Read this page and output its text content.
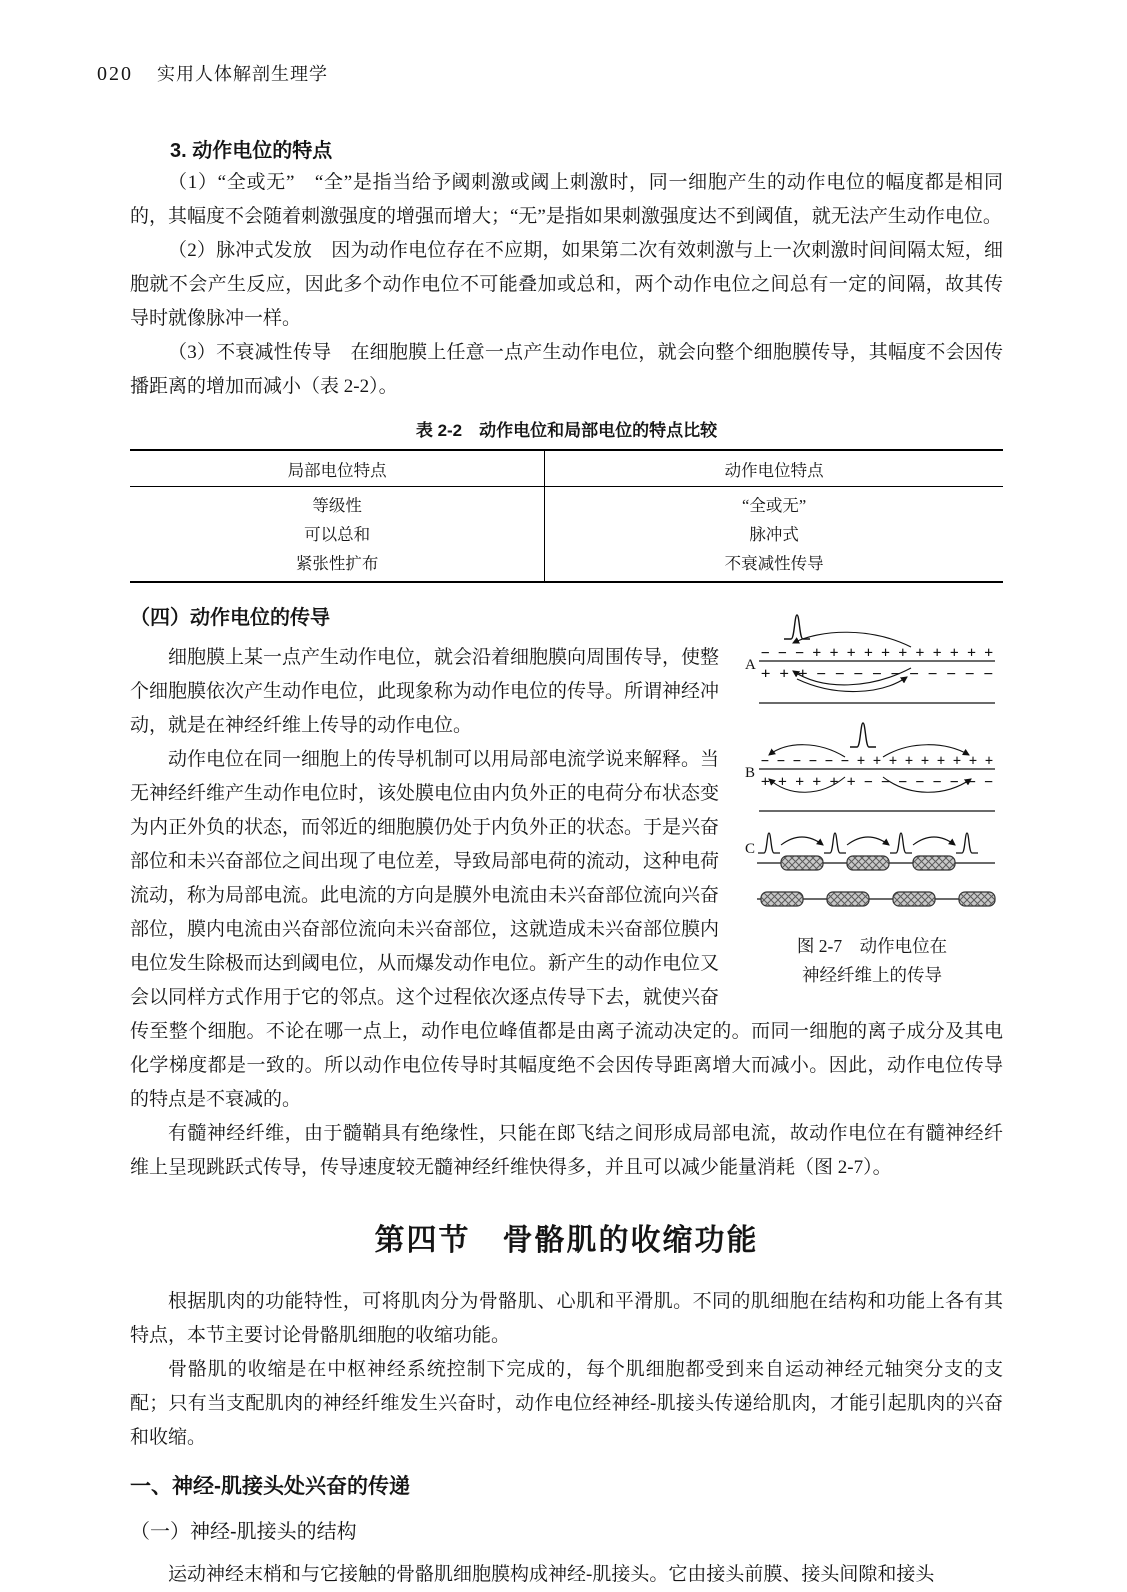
020 实用人体解剖生理学
3. 动作电位的特点

（1）“全或无”　“全”是指当给予阈刺激或阈上刺激时，同一细胞产生的动作电位的幅度都是相同的，其幅度不会随着刺激强度的增强而增大；“无”是指如果刺激强度达不到阈值，就无法产生动作电位。

（2）脉冲式发放　因为动作电位存在不应期，如果第二次有效刺激与上一次刺激时间间隔太短，细胞就不会产生反应，因此多个动作电位不可能叠加或总和，两个动作电位之间总有一定的间隔，故其传导时就像脉冲一样。

（3）不衰减性传导　在细胞膜上任意一点产生动作电位，就会向整个细胞膜传导，其幅度不会因传播距离的增加而减小（表 2-2）。

表 2-2　动作电位和局部电位的特点比较
局部电位特点	动作电位特点
等级性	“全或无”
可以总和	脉冲式
紧张性扩布	不衰减性传导
A
− − − + + + + + + + + + + +
+ + + − − − − − − − − − −
B
− − − − − − + + + + + + + + +
+ + + + + + − − − − − − − −
C
图 2-7　动作电位在
神经纤维上的传导
（四）动作电位的传导

细胞膜上某一点产生动作电位，就会沿着细胞膜向周围传导，使整个细胞膜依次产生动作电位，此现象称为动作电位的传导。所谓神经冲动，就是在神经纤维上传导的动作电位。

动作电位在同一细胞上的传导机制可以用局部电流学说来解释。当无神经纤维产生动作电位时，该处膜电位由内负外正的电荷分布状态变为内正外负的状态，而邻近的细胞膜仍处于内负外正的状态。于是兴奋部位和未兴奋部位之间出现了电位差，导致局部电荷的流动，这种电荷流动，称为局部电流。此电流的方向是膜外电流由未兴奋部位流向兴奋部位，膜内电流由兴奋部位流向未兴奋部位，这就造成未兴奋部位膜内电位发生除极而达到阈电位，从而爆发动作电位。新产生的动作电位又会以同样方式作用于它的邻点。这个过程依次逐点传导下去，就使兴奋传至整个细胞。不论在哪一点上，动作电位峰值都是由离子流动决定的。而同一细胞的离子成分及其电化学梯度都是一致的。所以动作电位传导时其幅度绝不会因传导距离增大而减小。因此，动作电位传导的特点是不衰减的。

有髓神经纤维，由于髓鞘具有绝缘性，只能在郎飞结之间形成局部电流，故动作电位在有髓神经纤维上呈现跳跃式传导，传导速度较无髓神经纤维快得多，并且可以减少能量消耗（图 2-7）。

第四节　骨骼肌的收缩功能

根据肌肉的功能特性，可将肌肉分为骨骼肌、心肌和平滑肌。不同的肌细胞在结构和功能上各有其特点，本节主要讨论骨骼肌细胞的收缩功能。

骨骼肌的收缩是在中枢神经系统控制下完成的，每个肌细胞都受到来自运动神经元轴突分支的支配；只有当支配肌肉的神经纤维发生兴奋时，动作电位经神经-肌接头传递给肌肉，才能引起肌肉的兴奋和收缩。

一、神经-肌接头处兴奋的传递
（一）神经-肌接头的结构

运动神经末梢和与它接触的骨骼肌细胞膜构成神经-肌接头。它由接头前膜、接头间隙和接头
